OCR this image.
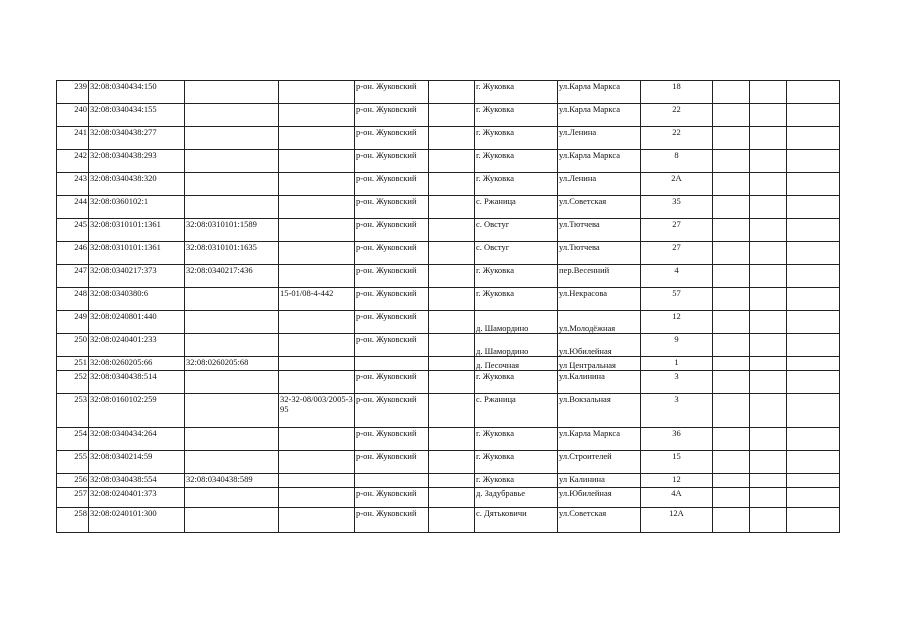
239	32:08:0340434:150			р-он. Жуковский		г. Жуковка	ул.Карла Маркса	18			
240	32:08:0340434:155			р-он. Жуковский		г. Жуковка	ул.Карла Маркса	22			
241	32:08:0340438:277			р-он. Жуковский		г. Жуковка	ул.Ленина	22			
242	32:08:0340438:293			р-он. Жуковский		г. Жуковка	ул.Карла Маркса	8			
243	32:08:0340438:320			р-он. Жуковский		г. Жуковка	ул.Ленина	2А			
244	32:08:0360102:1			р-он. Жуковский		с. Ржаница	ул.Советская	35			
245	32:08:0310101:1361	32:08:0310101:1589		р-он. Жуковский		с. Овстуг	ул.Тютчева	27			
246	32:08:0310101:1361	32:08:0310101:1635		р-он. Жуковский		с. Овстуг	ул.Тютчева	27			
247	32:08:0340217:373	32:08:0340217:436		р-он. Жуковский		г. Жуковка	пер.Весенний	4			
248	32:08:0340380:6		15-01/08-4-442	р-он. Жуковский		г. Жуковка	ул.Некрасова	57			
249	32:08:0240801:440			р-он. Жуковский		д. Шамордино	ул.Молодёжная	12			
250	32:08:0240401:233			р-он. Жуковский		д. Шамордино	ул.Юбилейная	9			
251	32:08:0260205:66	32:08:0260205:68				д. Песочная	ул Центральная	1			
252	32:08:0340438:514			р-он. Жуковский		г. Жуковка	ул.Калинина	3			
253	32:08:0160102:259		32-32-08/003/2005-395	р-он. Жуковский		с. Ржаница	ул.Вокзальная	3			
254	32:08:0340434:264			р-он. Жуковский		г. Жуковка	ул.Карла Маркса	36			
255	32:08:0340214:59			р-он. Жуковский		г. Жуковка	ул.Строителей	15			
256	32:08:0340438:554	32:08:0340438:589				г. Жуковка	ул Калинина	12			
257	32:08:0240401:373			р-он. Жуковский		д. Задубравье	ул.Юбилейная	4А			
258	32:08:0240101:300			р-он. Жуковский		с. Дятьковичи	ул.Советская	12А			
